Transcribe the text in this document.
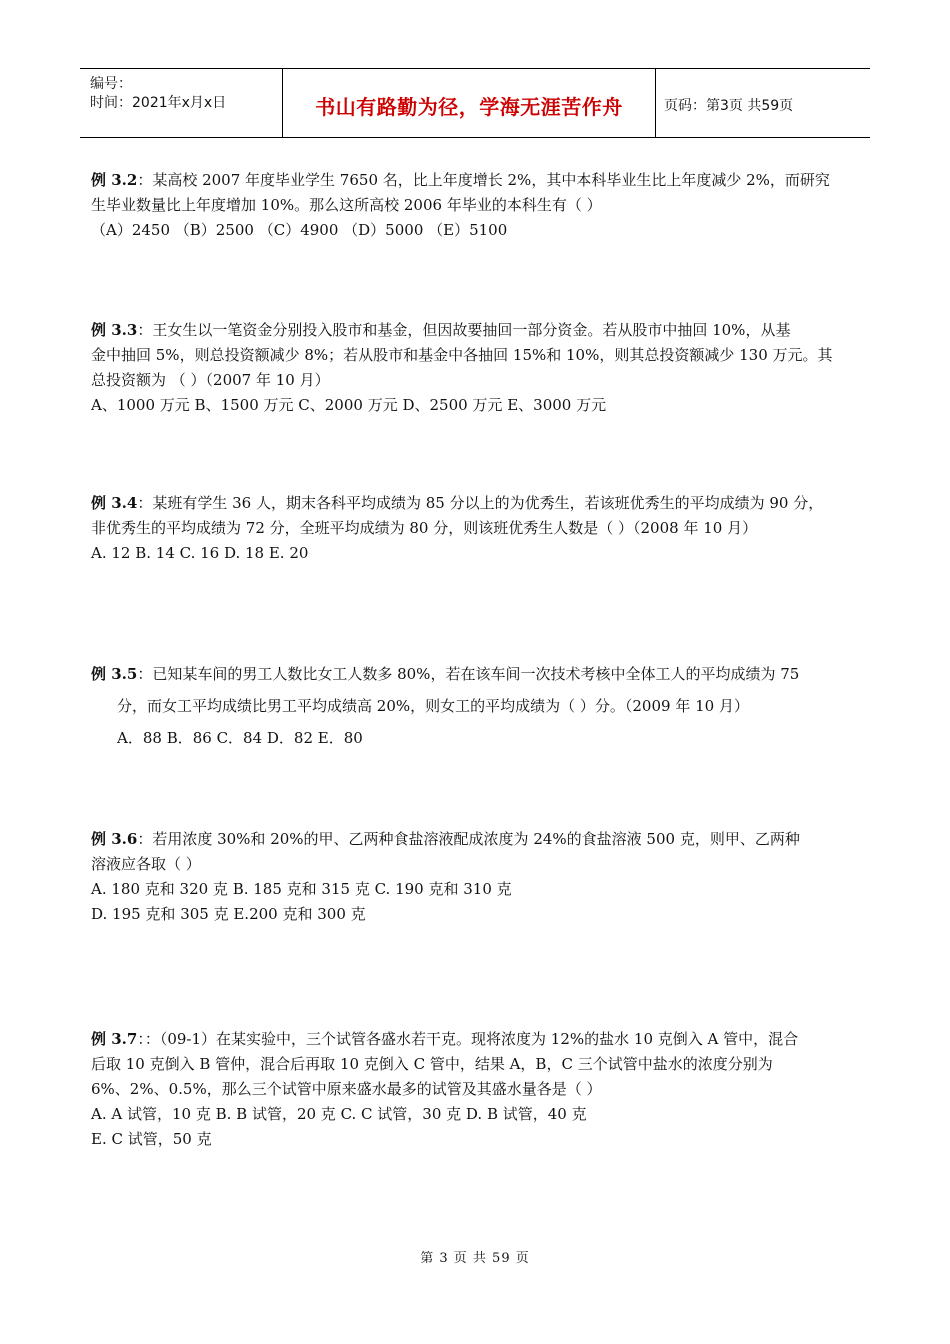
编号：
时间：2021年x月x日	书山有路勤为径，学海无涯苦作舟	页码：第3页 共59页

例 3.2：某高校 2007 年度毕业学生 7650 名，比上年度增长 2%，其中本科毕业生比上年度减少 2%，而研究

生毕业数量比上年度增加 10%。那么这所高校 2006 年毕业的本科生有（ ）

（A）2450 （B）2500 （C）4900 （D）5000 （E）5100

例 3.3：王女生以一笔资金分别投入股市和基金，但因故要抽回一部分资金。若从股市中抽回 10%，从基

金中抽回 5%，则总投资额减少 8%；若从股市和基金中各抽回 15%和 10%，则其总投资额减少 130 万元。其

总投资额为 （ ）（2007 年 10 月）

A、1000 万元 B、1500 万元 C、2000 万元 D、2500 万元 E、3000 万元

例 3.4：某班有学生 36 人，期末各科平均成绩为 85 分以上的为优秀生，若该班优秀生的平均成绩为 90 分，

非优秀生的平均成绩为 72 分，全班平均成绩为 80 分，则该班优秀生人数是（ ）（2008 年 10 月）

A. 12 B. 14 C. 16 D. 18 E. 20

例 3.5：已知某车间的男工人数比女工人数多 80%，若在该车间一次技术考核中全体工人的平均成绩为 75

分，而女工平均成绩比男工平均成绩高 20%，则女工的平均成绩为（ ）分。（2009 年 10 月）

A．88 B．86 C．84 D．82 E．80

例 3.6：若用浓度 30%和 20%的甲、乙两种食盐溶液配成浓度为 24%的食盐溶液 500 克，则甲、乙两种

溶液应各取（ ）

A. 180 克和 320 克 B. 185 克和 315 克 C. 190 克和 310 克

D. 195 克和 305 克 E.200 克和 300 克

例 3.7：：（09-1）在某实验中，三个试管各盛水若干克。现将浓度为 12%的盐水 10 克倒入 A 管中，混合

后取 10 克倒入 B 管仲，混合后再取 10 克倒入 C 管中，结果 A，B，C 三个试管中盐水的浓度分别为

6%、2%、0.5%，那么三个试管中原来盛水最多的试管及其盛水量各是（ ）

A. A 试管，10 克 B. B 试管，20 克 C. C 试管，30 克 D. B 试管，40 克

E. C 试管，50 克

第 3 页 共 59 页
